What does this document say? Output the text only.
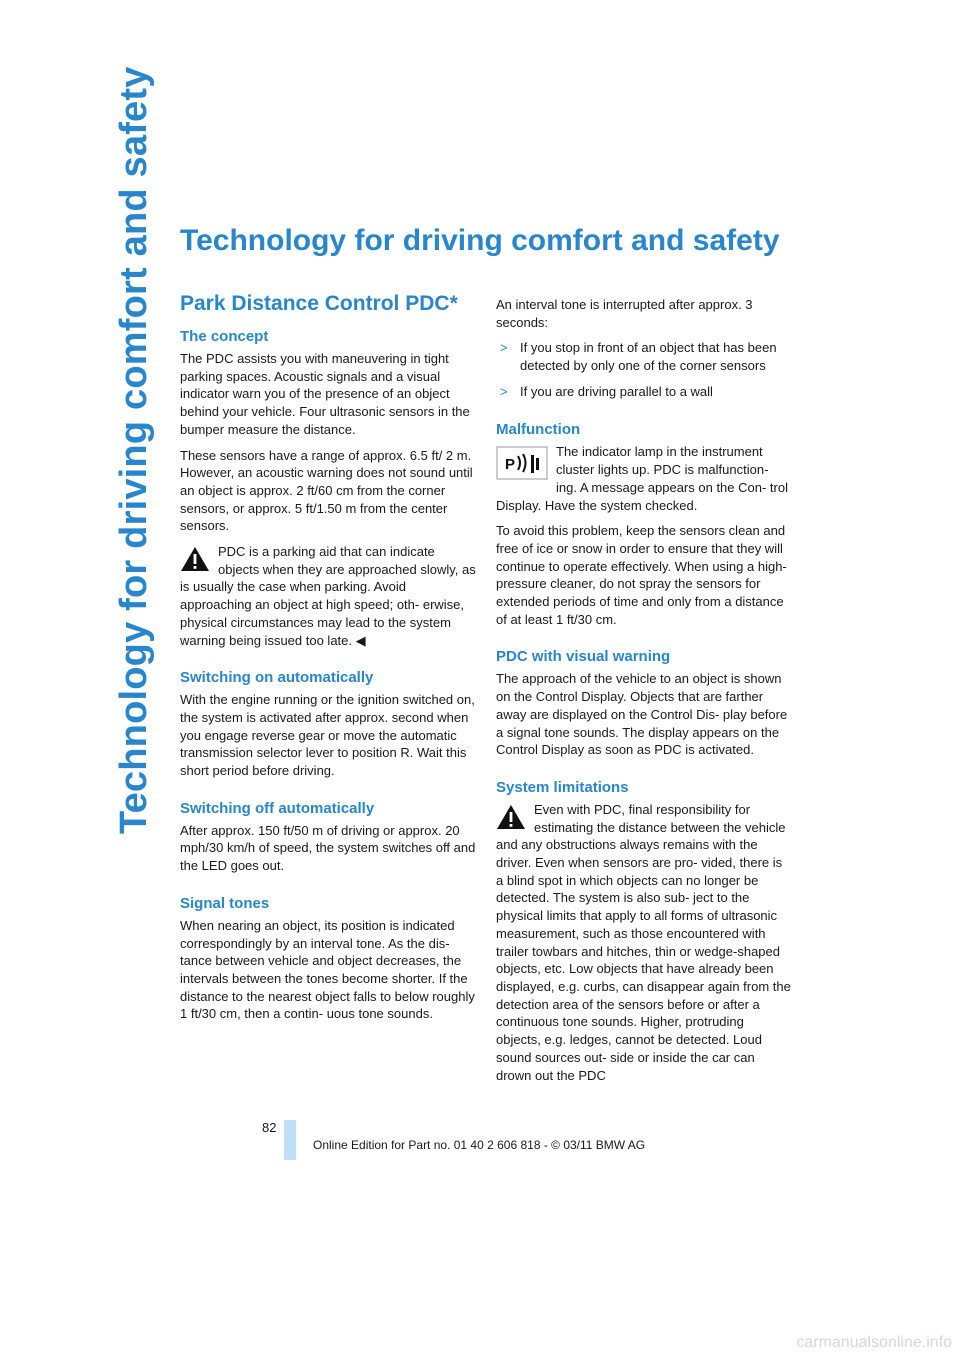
Technology for driving comfort and safety Technology for driving comfort and safety
Park Distance Control PDC*
The concept

The PDC assists you with maneuvering in tight parking spaces. Acoustic signals and a visual indicator warn you of the presence of an object behind your vehicle. Four ultrasonic sensors in the bumper measure the distance.

These sensors have a range of approx. 6.5 ft/ 2 m. However, an acoustic warning does not sound until an object is approx. 2 ft/60 cm from the corner sensors, or approx. 5 ft/1.50 m from the center sensors.

PDC is a parking aid that can indicate objects when they are approached slowly, as is usually the case when parking. Avoid approaching an object at high speed; oth- erwise, physical circumstances may lead to the system warning being issued too late. ◀

Switching on automatically

With the engine running or the ignition switched on, the system is activated after approx. second when you engage reverse gear or move the automatic transmission selector lever to position R. Wait this short period before driving.

Switching off automatically

After approx. 150 ft/50 m of driving or approx. 20 mph/30 km/h of speed, the system switches off and the LED goes out.

Signal tones

When nearing an object, its position is indicated correspondingly by an interval tone. As the dis- tance between vehicle and object decreases, the intervals between the tones become shorter. If the distance to the nearest object falls to below roughly 1 ft/30 cm, then a contin- uous tone sounds.

An interval tone is interrupted after approx. 3 seconds:

> If you stop in front of an object that has been detected by only one of the corner sensors
> If you are driving parallel to a wall
Malfunction

P
The indicator lamp in the instrument cluster lights up. PDC is malfunction- ing. A message appears on the Con- trol Display. Have the system checked.

To avoid this problem, keep the sensors clean and free of ice or snow in order to ensure that they will continue to operate effectively. When using a high-pressure cleaner, do not spray the sensors for extended periods of time and only from a distance of at least 1 ft/30 cm.

PDC with visual warning

The approach of the vehicle to an object is shown on the Control Display. Objects that are farther away are displayed on the Control Dis- play before a signal tone sounds. The display appears on the Control Display as soon as PDC is activated.

System limitations

Even with PDC, final responsibility for estimating the distance between the vehicle and any obstructions always remains with the driver. Even when sensors are pro- vided, there is a blind spot in which objects can no longer be detected. The system is also sub- ject to the physical limits that apply to all forms of ultrasonic measurement, such as those encountered with trailer towbars and hitches, thin or wedge-shaped objects, etc. Low objects that have already been displayed, e.g. curbs, can disappear again from the detection area of the sensors before or after a continuous tone sounds. Higher, protruding objects, e.g. ledges, cannot be detected. Loud sound sources out- side or inside the car can drown out the PDC

82
Online Edition for Part no. 01 40 2 606 818 - © 03/11 BMW AG
carmanualsonline.info
